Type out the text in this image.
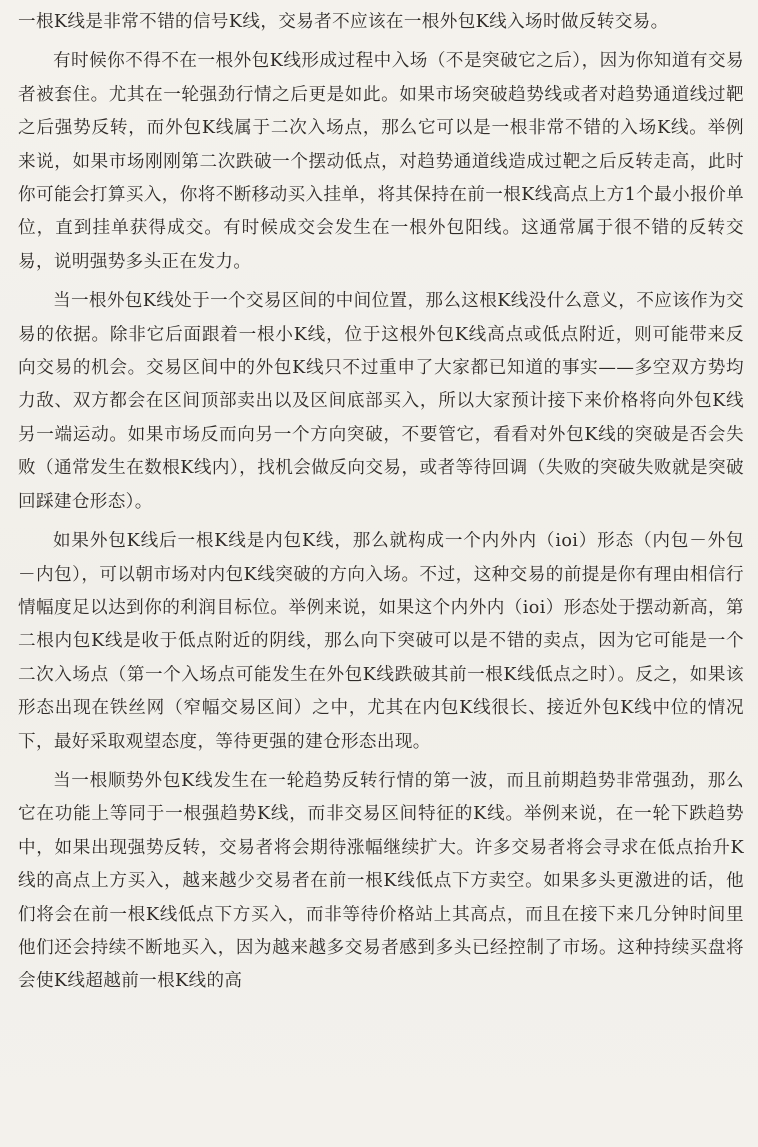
一根K线是非常不错的信号K线，交易者不应该在一根外包K线入场时做反转交易。

有时候你不得不在一根外包K线形成过程中入场（不是突破它之后），因为你知道有交易者被套住。尤其在一轮强劲行情之后更是如此。如果市场突破趋势线或者对趋势通道线过靶之后强势反转，而外包K线属于二次入场点，那么它可以是一根非常不错的入场K线。举例来说，如果市场刚刚第二次跌破一个摆动低点，对趋势通道线造成过靶之后反转走高，此时你可能会打算买入，你将不断移动买入挂单，将其保持在前一根K线高点上方1个最小报价单位，直到挂单获得成交。有时候成交会发生在一根外包阳线。这通常属于很不错的反转交易，说明强势多头正在发力。

当一根外包K线处于一个交易区间的中间位置，那么这根K线没什么意义，不应该作为交易的依据。除非它后面跟着一根小K线，位于这根外包K线高点或低点附近，则可能带来反向交易的机会。交易区间中的外包K线只不过重申了大家都已知道的事实——多空双方势均力敌、双方都会在区间顶部卖出以及区间底部买入，所以大家预计接下来价格将向外包K线另一端运动。如果市场反而向另一个方向突破，不要管它，看看对外包K线的突破是否会失败（通常发生在数根K线内），找机会做反向交易，或者等待回调（失败的突破失败就是突破回踩建仓形态）。

如果外包K线后一根K线是内包K线，那么就构成一个内外内（ioi）形态（内包－外包－内包），可以朝市场对内包K线突破的方向入场。不过，这种交易的前提是你有理由相信行情幅度足以达到你的利润目标位。举例来说，如果这个内外内（ioi）形态处于摆动新高，第二根内包K线是收于低点附近的阴线，那么向下突破可以是不错的卖点，因为它可能是一个二次入场点（第一个入场点可能发生在外包K线跌破其前一根K线低点之时）。反之，如果该形态出现在铁丝网（窄幅交易区间）之中，尤其在内包K线很长、接近外包K线中位的情况下，最好采取观望态度，等待更强的建仓形态出现。

当一根顺势外包K线发生在一轮趋势反转行情的第一波，而且前期趋势非常强劲，那么它在功能上等同于一根强趋势K线，而非交易区间特征的K线。举例来说，在一轮下跌趋势中，如果出现强势反转，交易者将会期待涨幅继续扩大。许多交易者将会寻求在低点抬升K线的高点上方买入，越来越少交易者在前一根K线低点下方卖空。如果多头更激进的话，他们将会在前一根K线低点下方买入，而非等待价格站上其高点，而且在接下来几分钟时间里他们还会持续不断地买入，因为越来越多交易者感到多头已经控制了市场。这种持续买盘将会使K线超越前一根K线的高
